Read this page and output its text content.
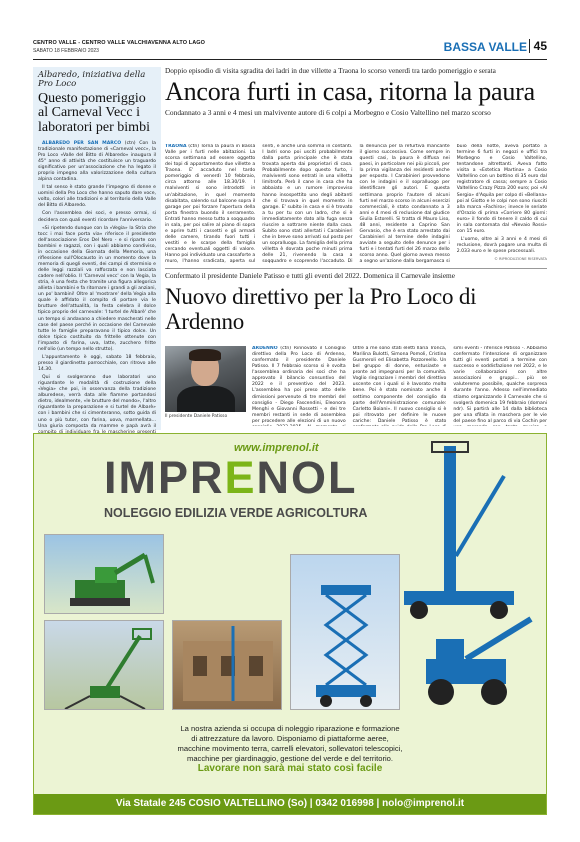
CENTRO VALLE - CENTRO VALLE VALCHIAVENNA ALTO LAGO
SABATO 18 FEBBRAIO 2023	BASSA VALLE 45
Albaredo, iniziativa della Pro Loco
Questo pomeriggio al Carneval Vecc i laboratori per bimbi

ALBAREDO PER SAN MARCO (ctn) Con la tradizionale manifestazione di «Carneval vecc», la Pro Loco «Valle del Bitto di Albaredo» inaugura il 45° anno di attività che costituisce un traguardo significativo per un'associazione che ha legato il proprio impegno alla valorizzazione della cultura alpina contadina.

Il tal senso è stato grande l'impegno di donne e uomini della Pro Loco che hanno saputo dare voce, volto, colori alle tradizioni e al territorio della Valle del Bitto di Albaredo.

Con l'assemblea dei soci, e presso ormai, si decidera con quali eventi ricordare l'anniversario.

«Si ripetendo dunque con la «Vegia» la Stria che tocc i mai face porta via» riferisce il presidente dell'associazione Eros Del Nero - e si riparte con bambini e ragazzi, con i quali abbiamo condiviso, in occasione della Giornata della Memoria, una riflessione sull'Olocausto in un momento dove la memoria di quegli eventi, dei campi di sterminio e delle leggi razziali va rafforzata e non lasciata cadere nell'oblio. Il 'Carneval vecc' con la Vegia, la stria, è una festa che tramite una figura allegorica allieta i bambini e fa ritornare i grandi a gli anziani, un po' bambini! Oltre al 'mostrare' della Vegia alla quale è affidato il compito di portare via le brutture dell'attualità, la festa celebra il dolce tipico proprio del carnevale: 'I turtel de Albarè' che un tempo si andavano a chiedere mascherati nelle case del paese perché in occasione del Carnevale tutte le famiglie preparavano il tipico dolce. Un dolce tipico costituito da frittelle ottenute con l'impasto di farina, uva, latte, zucchero fritte nell'olio (un tempo nello strutto).

L'appuntamento è oggi, sabato 18 febbraio, presso il giardinetto parrocchiale, con ritrovo alle 14.30.

Qui si svolgeranno due laboratori uno riguardante le modalità di costruzione della «Vegia» che poi, in osservanza della tradizione alburedese, verrà data alle fiamme portandosi dietro, idealmente, «le brutture del mondo», l'altro riguardante la preparazione e si turtel de Albarè» con i bambini che si cimenteranno, sotto guida di uno o più tutor, con farina, uova, marmellata... Una giuria composta da mamme e papà avrà il

Doppio episodio di visita sgradita dei ladri in due villette a Traona lo scorso venerdì tra tardo pomeriggio e serata
Ancora furti in casa, ritorna la paura
Condannato a 3 anni e 4 mesi un malvivente autore di 6 colpi a Morbegno e Cosio Valtellino nel marzo scorso
TRAONA (ctn) Torna la paura in Bassa Valle per i furti nelle abitazioni. La scorsa settimana ad essere oggetto dei topi di appartamento due villette a Traona. E' accaduto nel tardo pomeriggio di venerdì 10 febbraio, circa attorno alle 18.30/19. I malviventi si sono introdotti in un'abitazione, in quel momento disabitata, salendo sul balcone sopra il garage per poi forzare l'apertura della porta finestra buondo il serramento. Entrati hanno messo tutto a soqquadro in sala, per poi salire al piano di sopra e aprire tutti i cassetti e gli armadi delle camere, tirando fuori tutti i vestiti e le scarpe della famiglia cercando eventuali oggetti di valore. Hanno poi individuato una cassaforte a muro, l'hanno sradicata, aperta sul
senti, e anche una somma in contanti. I ladri sono poi usciti probabilmente dalla porta principale che è stata trovata aperta dai proprietari di casa. Probabilmente dopo questo furto, i malviventi sono entrati in una villetta limitrofa. Però il cane in casa che ha abbaiato e un rumore improvviso hanno insospettito uno degli abitanti che si trovava in quel momento in garage. E' subito in casa e si è trovato a tu per tu con un ladro, che si è immediatamente dato alla fuga senza riuscire a sottrarre niente dalla casa. Subito sono stati allertati i Carabinieri che in breve sono arrivati sul posto per un sopralluogo. La famiglia della prima villetta è dovrata poche minuti prima delle 21, rivenendo la casa a soqquadro e scoprendo l'accaduto. Di
la denuncia per la refurtiva mancante il giorno successivo. Come sempre in questi casi, la paura è diffusa nei paesi, in particolare nei più piccoli, per la prima vigilanza dei residenti anche per esposto. I Carabinieri provvedono con le indagini e il sopralluogo per identificare gli autori. E questa settimana proprio l'autore di alcuni furti nel marzo scorso in alcuni esercizi commerciali, è stato condannato a 3 anni e 4 mesi di reclusione dal giudice Giulia Estorelli. Si tratta di Mauro Liso, 48 anni, residente a Caprino San Gervasio, che è era stato arrestato dai Carabinieri al termine delle indagini avviate a seguito delle denunce per i furti e i tentati furti del 26 marzo dello scorso anno. Quel giorno aveva messo a segno un'azione dalla bergamasca si
buio della notte, aveva portato a termine 6 furti in negozi e uffici tra Morbegno e Cosio Valtellino, tentandone altrettanti. Aveva fatto visita a «Estetica Martina» a Cosio Valtellino con un bottino di 35 euro dal registratore di cassa; sempre a Cosio Valtellino Crazy Pizza 200 euro; poi «Al Sergio» d'Aquila per colpo di «Bellana» poi al Giotto e le colpi non sono riusciti alla marca «Fachiro»; invece le seriate d'Orazio di prima «Corriere 80 giorni: euro» il fondo di tenere il caldo di cui in sala contornata dal «Nevaio Rossi» con 15 euro.

L'uomo, oltre ai 3 anni e 4 mesi di reclusione, dovrà pagare una multa di 2.033 euro e le spese processuali.

© RIPRODUZIONE RISERVATA
Confermato il presidente Daniele Patisso e tutti gli eventi del 2022. Domenica il Carnevale insieme
Nuovo direttivo per la Pro Loco di Ardenno
Il presidente Daniele Patisso
ARDENNO (ctn) Rinnovato il Consiglio direttivo della Pro Loco di Ardenno, confermato il presidente Daniele Patisso. Il 7 febbraio scorso si è svolta l'assemblea ordinaria dei soci che ha approvato il bilancio consuntivo del 2022 e il preventivo del 2023. L'assemblea ha poi preso atto delle dimissioni pervenute di tre membri del consiglio - Diego Fascendini, Eleonora Menghi e Giovanni Rossetti - e dei tre membri restanti in sede di assemblea per procedere alle elezioni di un nuovo
Oltre a me sono stati eletti Ilaria Tronca, Marilina Bulotti, Simona Pomoli, Cristina Gusmeroli ed Elisabetta Pozzoreello. Un bel gruppo di donne, entusiaste e pronte ad impegnarsi per la comunità. Voglio ringraziare i membri del direttivo uscente con i quali si è lavorato molto bene. Poi è stato nominato anche il settimo componente del consiglio da parte dell'Amministrazione comunale: Carletto Boiani». Il nuovo consiglio si è poi ritrovato per definire le nuove cariche: Daniele Patisso è stato
simi eventi - riferisce Patisso -. Abbiamo confermato l'intenzione di organizzare tutti gli eventi portati a termine con successo e soddisfazione nel 2022, e le varie collaborazioni con altre associazioni e gruppi... più se valuteremo possibile, qualche sorpresa durante l'anno. Adesso nell'immediato stiamo organizzando il Carnevale che si svolgerà domenica 19 febbraio (domani ndr). Si partirà alle 14 dalla biblioteca per una sfilata in maschera per le vie del paese fino al parco di via Cochin per
www.imprenol.it
IMPRENOL
NOLEGGIO EDILIZIA VERDE AGRICOLTURA
La nostra azienda si occupa di noleggio riparazione e formazione
di attrezzature da lavoro. Disponiamo di piattaforme aeree,
macchine movimento terra, carrelli elevatori, sollevatori telescopici,
macchine per giardinaggio, gestione del verde e del territorio.
Lavorare non sarà mai stato così facile
Via Statale 245 COSIO VALTELLINO (So) | 0342 016998 | nolo@imprenol.it
